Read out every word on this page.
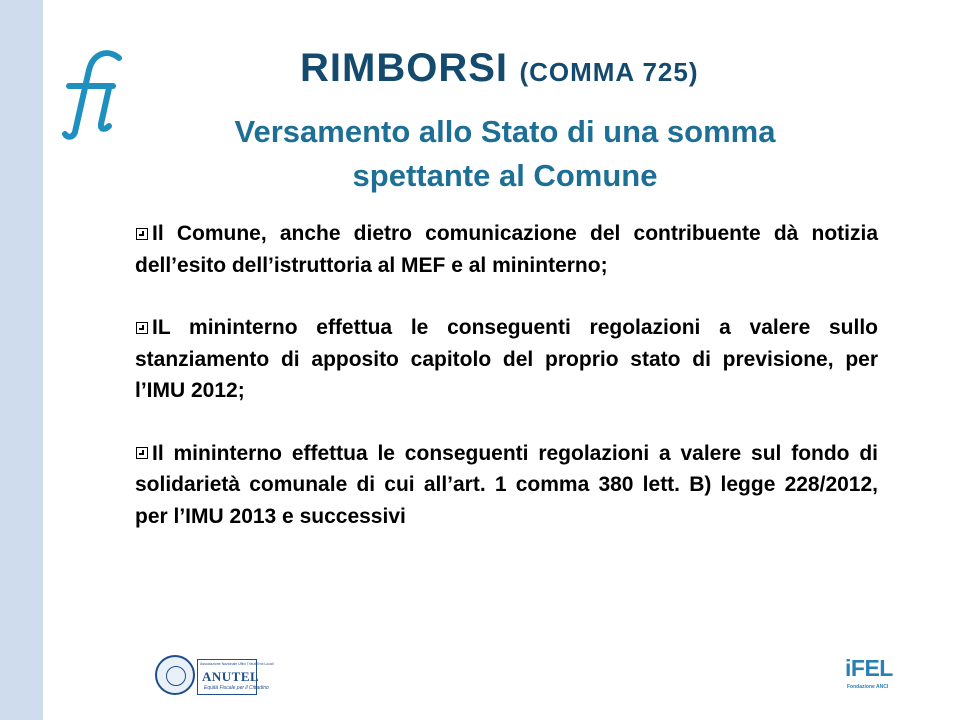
RIMBORSI (COMMA 725)
Versamento allo Stato di una somma
spettante al Comune

Il Comune, anche dietro comunicazione del contribuente dà notizia dell’esito dell’istruttoria al MEF e al mininterno;

IL mininterno effettua le conseguenti regolazioni a valere sullo stanziamento di apposito capitolo del proprio stato di previsione, per l’IMU 2012;

Il mininterno effettua le conseguenti regolazioni a valere sul fondo di solidarietà comunale di cui all’art. 1 comma 380 lett. B) legge 228/2012, per l’IMU 2013 e successivi

Associazione Nazionale Uffici Tributi Enti Locali
ANUTEL
Equità Fiscale per il Cittadino
iFEL
Fondazione ANCI
